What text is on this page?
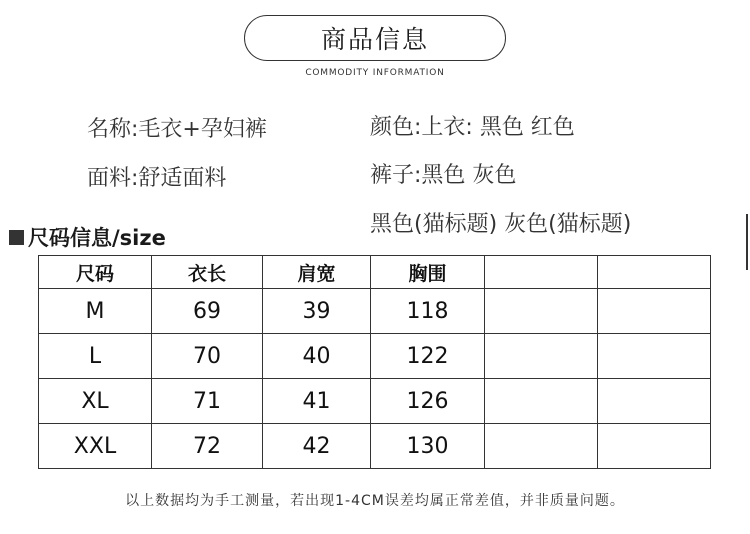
商品信息
COMMODITY INFORMATION
名称:毛衣+孕妇裤	颜色:上衣: 黑色 红色
面料:舒适面料	裤子:黑色 灰色
黑色(猫标题) 灰色(猫标题)
尺码信息/size
尺码	衣长	肩宽	胸围		
M	69	39	118		
L	70	40	122		
XL	71	41	126		
XXL	72	42	130		
以上数据均为手工测量，若出现1-4CM误差均属正常差值，并非质量问题。
